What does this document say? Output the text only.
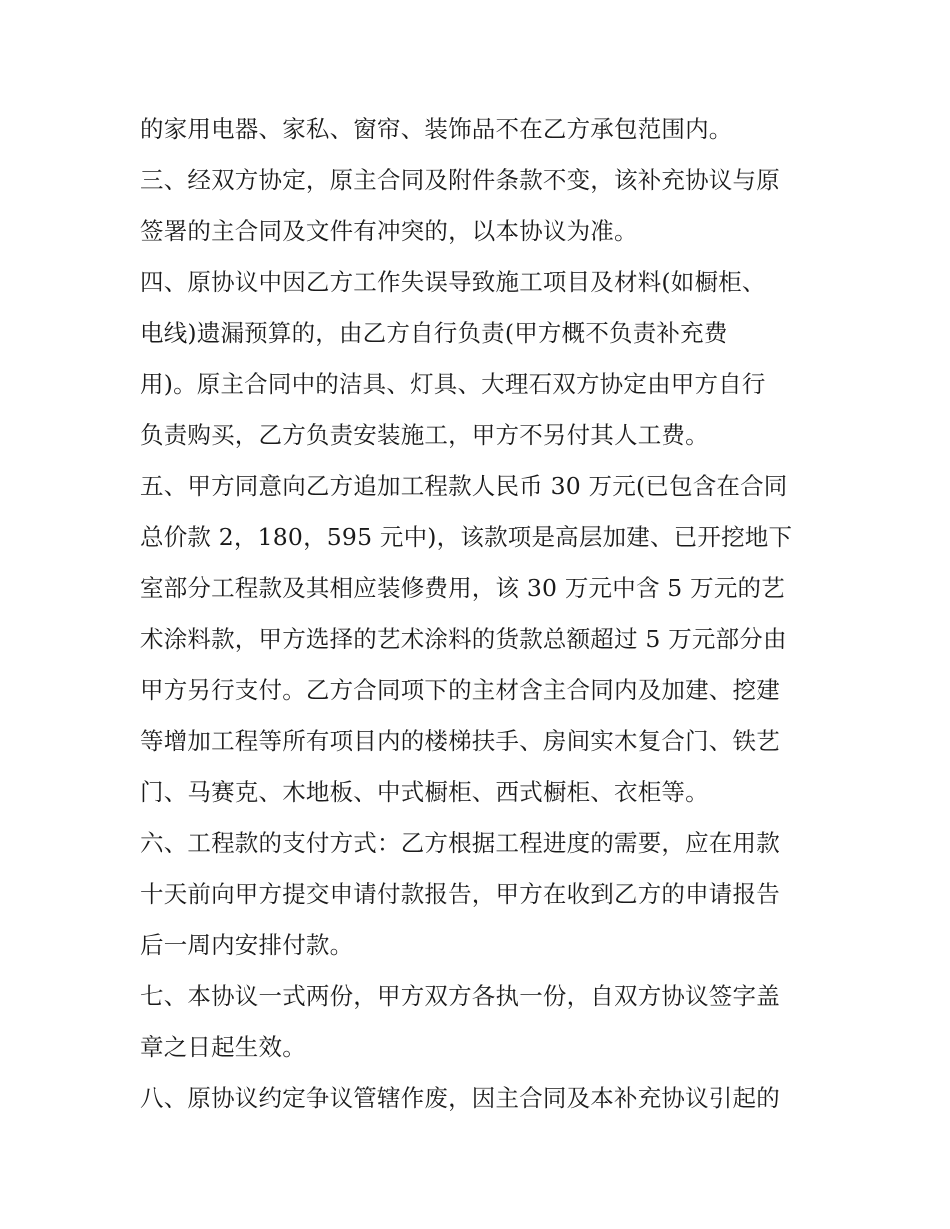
的家用电器、家私、窗帘、装饰品不在乙方承包范围内。
三、经双方协定，原主合同及附件条款不变，该补充协议与原
签署的主合同及文件有冲突的，以本协议为准。
四、原协议中因乙方工作失误导致施工项目及材料(如橱柜、
电线)遗漏预算的，由乙方自行负责(甲方概不负责补充费
用)。原主合同中的洁具、灯具、大理石双方协定由甲方自行
负责购买，乙方负责安装施工，甲方不另付其人工费。
五、甲方同意向乙方追加工程款人民币 30 万元(已包含在合同
总价款 2，180，595 元中)，该款项是高层加建、已开挖地下
室部分工程款及其相应装修费用，该 30 万元中含 5 万元的艺
术涂料款，甲方选择的艺术涂料的货款总额超过 5 万元部分由
甲方另行支付。乙方合同项下的主材含主合同内及加建、挖建
等增加工程等所有项目内的楼梯扶手、房间实木复合门、铁艺
门、马赛克、木地板、中式橱柜、西式橱柜、衣柜等。
六、工程款的支付方式：乙方根据工程进度的需要，应在用款
十天前向甲方提交申请付款报告，甲方在收到乙方的申请报告
后一周内安排付款。
七、本协议一式两份，甲方双方各执一份，自双方协议签字盖
章之日起生效。
八、原协议约定争议管辖作废，因主合同及本补充协议引起的
